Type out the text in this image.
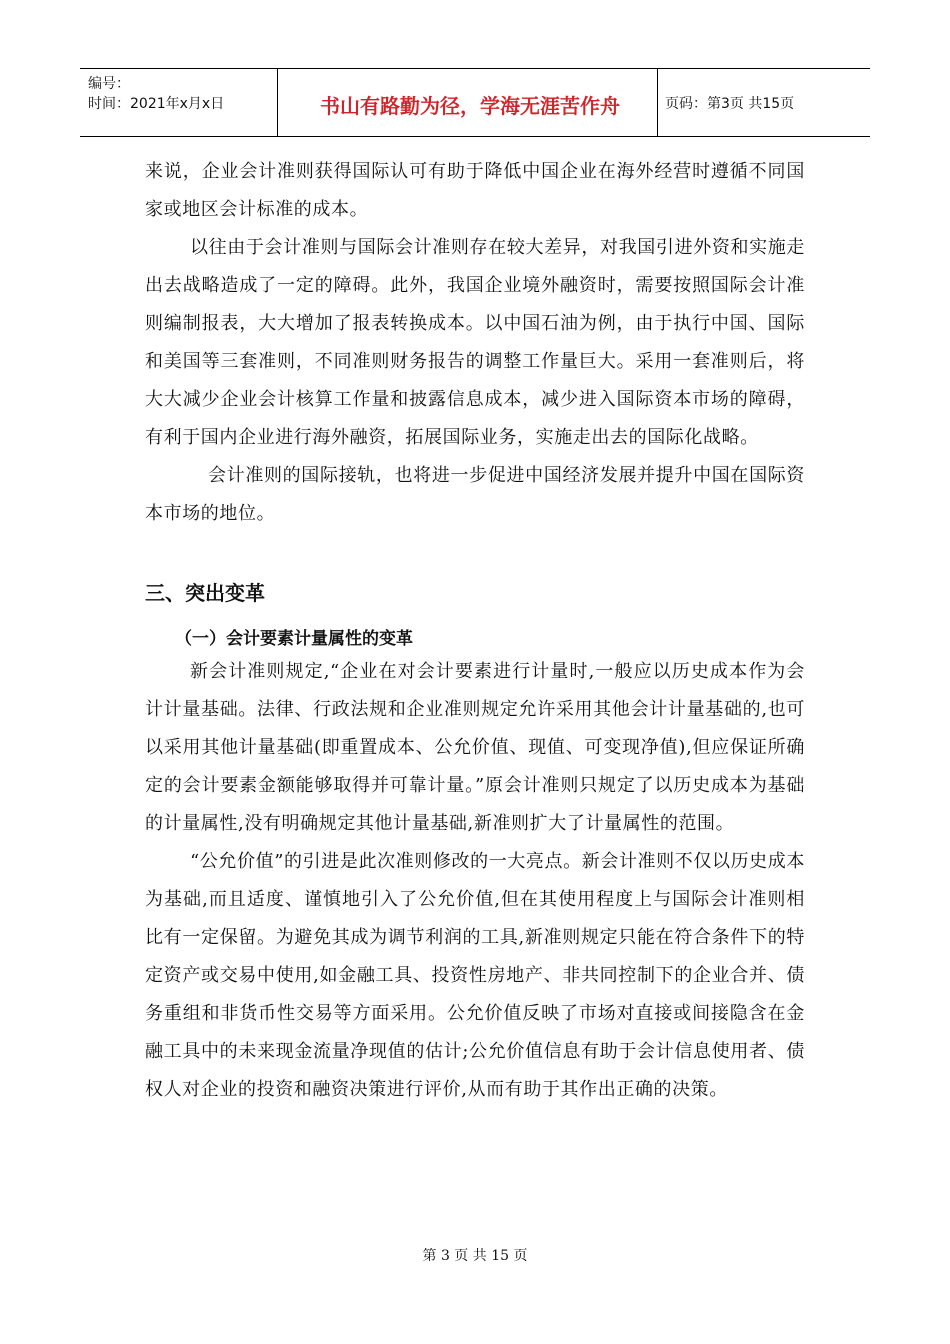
编号：
时间：2021年x月x日	书山有路勤为径，学海无涯苦作舟	页码：第3页 共15页

来说，企业会计准则获得国际认可有助于降低中国企业在海外经营时遵循不同国家或地区会计标准的成本。

以往由于会计准则与国际会计准则存在较大差异，对我国引进外资和实施走出去战略造成了一定的障碍。此外，我国企业境外融资时，需要按照国际会计准则编制报表，大大增加了报表转换成本。以中国石油为例，由于执行中国、国际和美国等三套准则，不同准则财务报告的调整工作量巨大。采用一套准则后，将大大减少企业会计核算工作量和披露信息成本，减少进入国际资本市场的障碍，有利于国内企业进行海外融资，拓展国际业务，实施走出去的国际化战略。

会计准则的国际接轨，也将进一步促进中国经济发展并提升中国在国际资本市场的地位。

三、突出变革
（一）会计要素计量属性的变革

新会计准则规定,“企业在对会计要素进行计量时,一般应以历史成本作为会计计量基础。法律、行政法规和企业准则规定允许采用其他会计计量基础的,也可以采用其他计量基础(即重置成本、公允价值、现值、可变现净值),但应保证所确定的会计要素金额能够取得并可靠计量。”原会计准则只规定了以历史成本为基础的计量属性,没有明确规定其他计量基础,新准则扩大了计量属性的范围。

“公允价值”的引进是此次准则修改的一大亮点。新会计准则不仅以历史成本为基础,而且适度、谨慎地引入了公允价值,但在其使用程度上与国际会计准则相比有一定保留。为避免其成为调节利润的工具,新准则规定只能在符合条件下的特定资产或交易中使用,如金融工具、投资性房地产、非共同控制下的企业合并、债务重组和非货币性交易等方面采用。公允价值反映了市场对直接或间接隐含在金融工具中的未来现金流量净现值的估计;公允价值信息有助于会计信息使用者、债权人对企业的投资和融资决策进行评价,从而有助于其作出正确的决策。

第 3 页 共 15 页
